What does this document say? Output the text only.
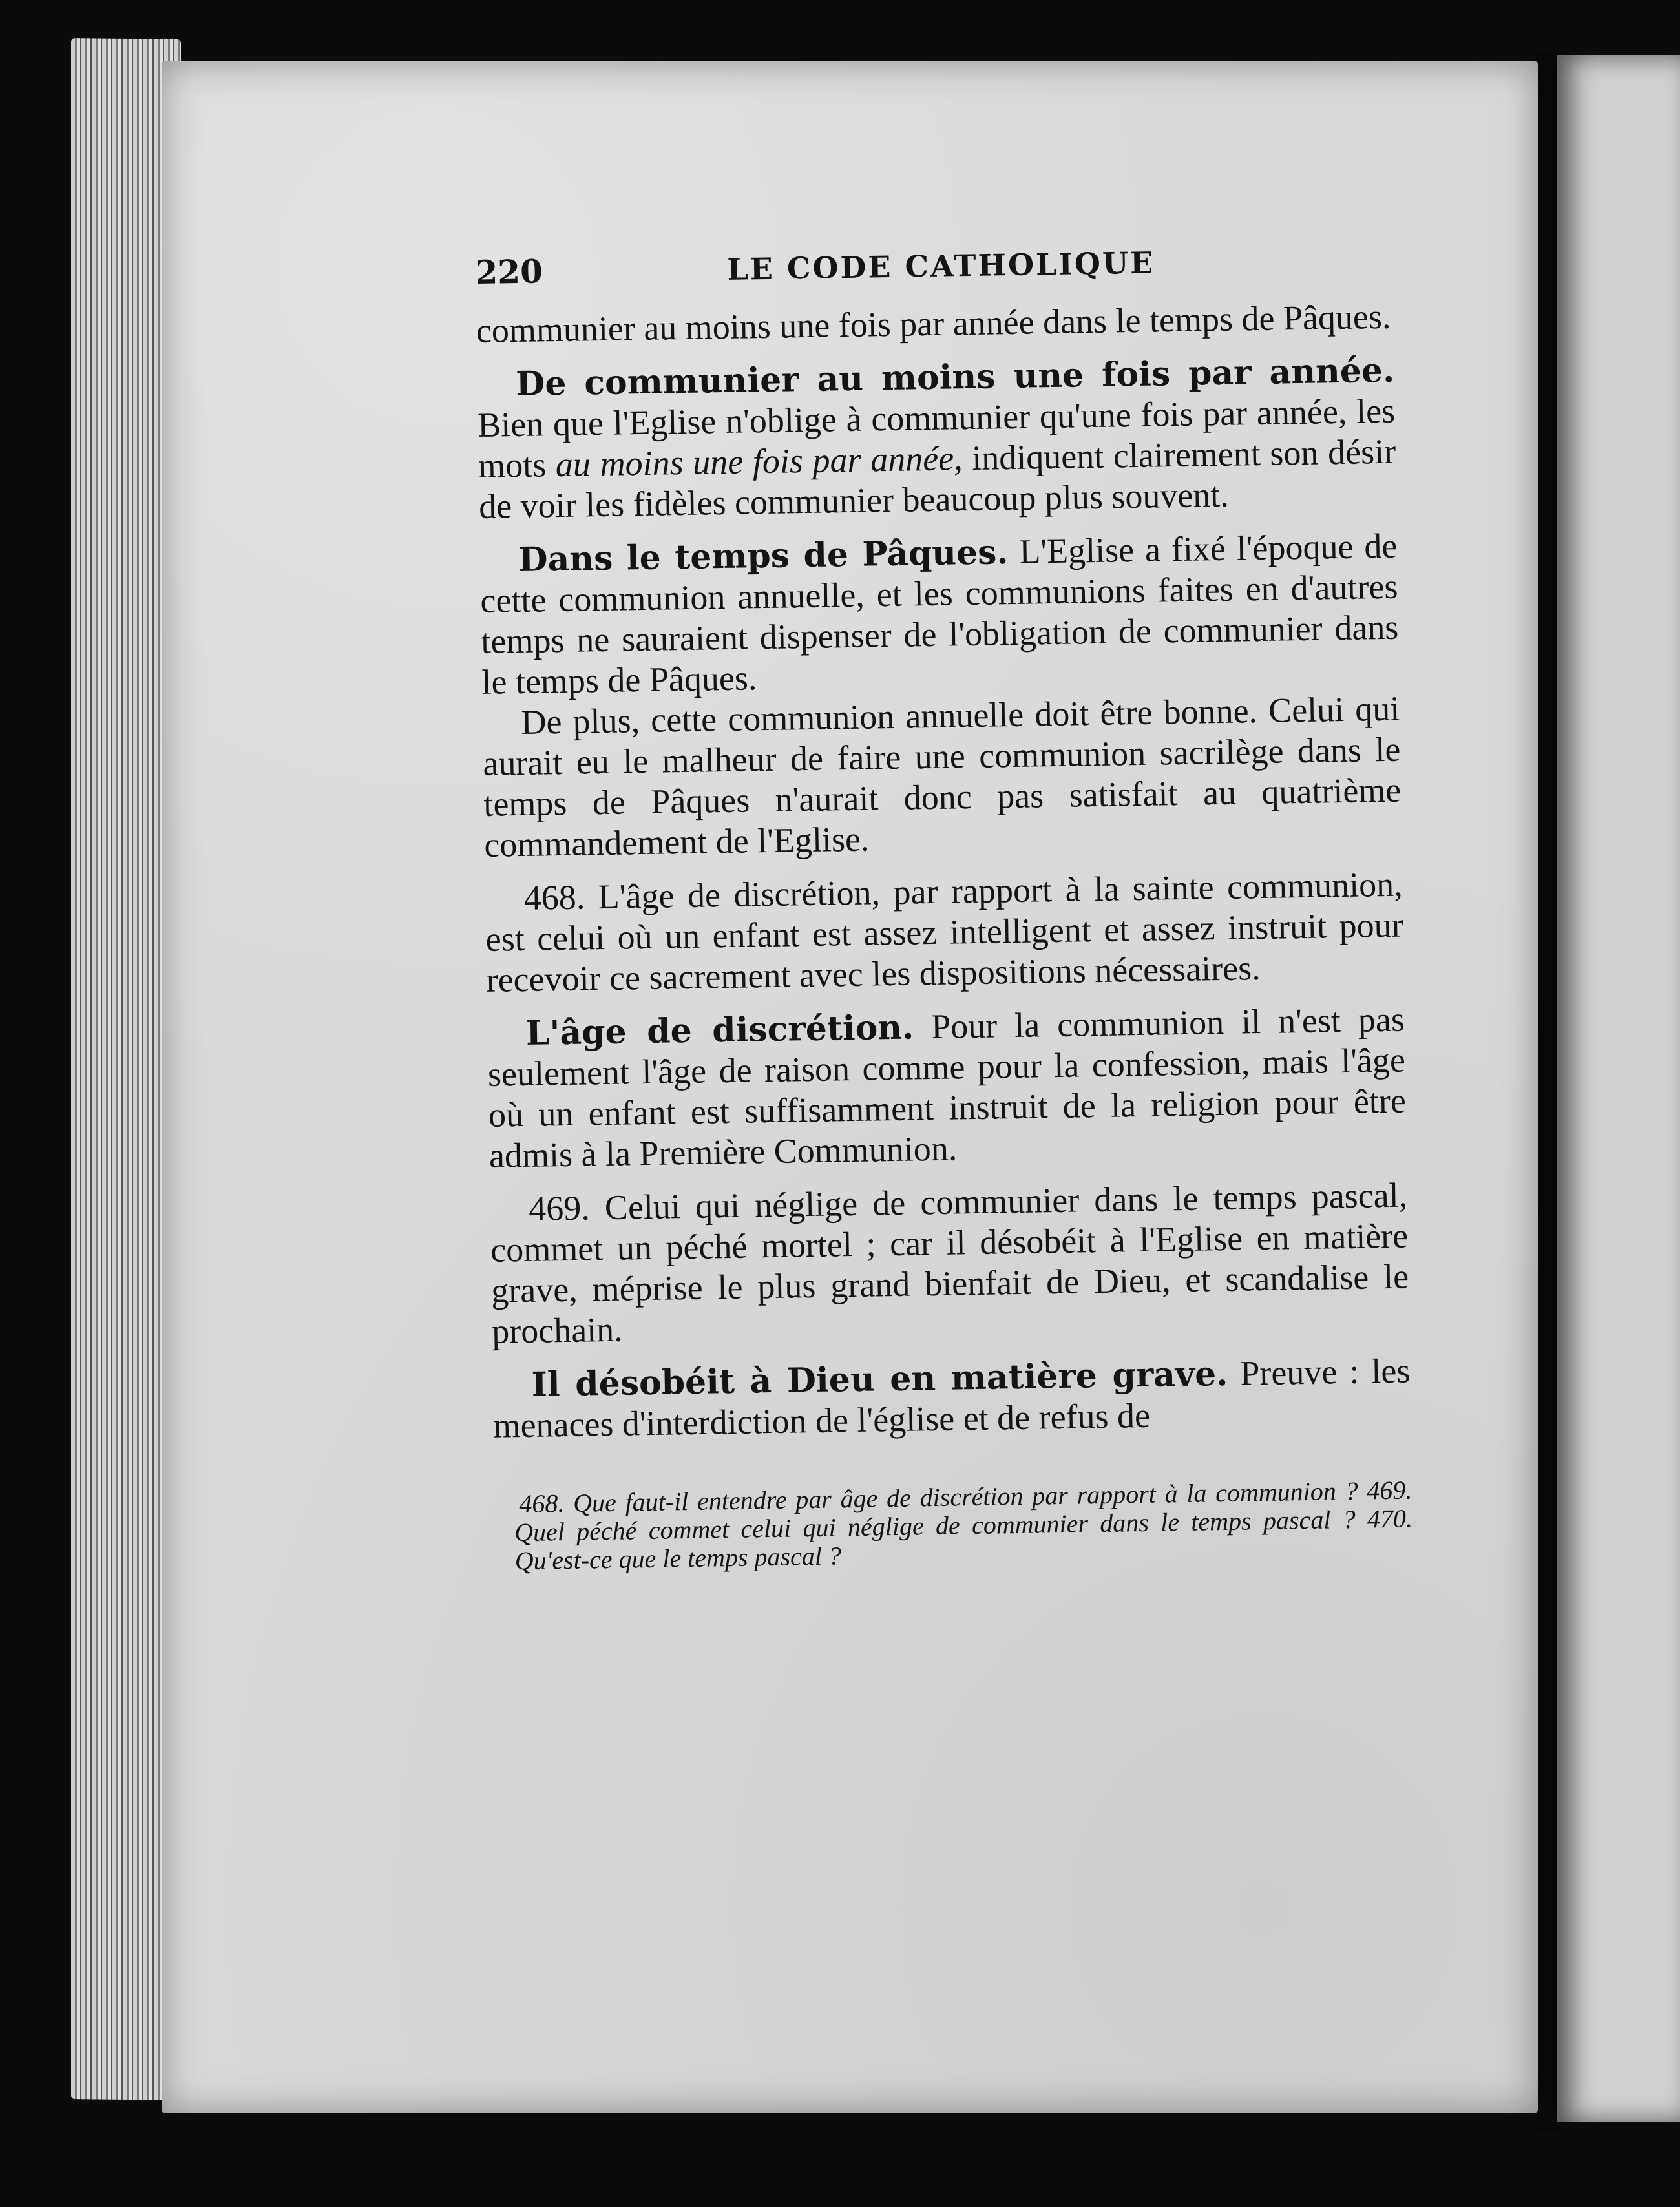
220	LE CODE CATHOLIQUE

communier au moins une fois par année dans le temps de Pâques.

De communier au moins une fois par année. Bien que l'Eglise n'oblige à communier qu'une fois par année, les mots au moins une fois par année, indiquent clairement son désir de voir les fidèles communier beaucoup plus souvent.

Dans le temps de Pâques. L'Eglise a fixé l'époque de cette communion annuelle, et les communions faites en d'autres temps ne sauraient dispenser de l'obligation de communier dans le temps de Pâques.

De plus, cette communion annuelle doit être bonne. Celui qui aurait eu le malheur de faire une communion sacrilège dans le temps de Pâques n'aurait donc pas satisfait au quatrième commandement de l'Eglise.

468. L'âge de discrétion, par rapport à la sainte communion, est celui où un enfant est assez intelligent et assez instruit pour recevoir ce sacrement avec les dispositions nécessaires.

L'âge de discrétion. Pour la communion il n'est pas seulement l'âge de raison comme pour la confession, mais l'âge où un enfant est suffisamment instruit de la religion pour être admis à la Première Communion.

469. Celui qui néglige de communier dans le temps pascal, commet un péché mortel ; car il désobéit à l'Eglise en matière grave, méprise le plus grand bienfait de Dieu, et scandalise le prochain.

Il désobéit à Dieu en matière grave. Preuve : les menaces d'interdiction de l'église et de refus de

468. Que faut-il entendre par âge de discrétion par rapport à la communion ? 469. Quel péché commet celui qui néglige de communier dans le temps pascal ? 470. Qu'est-ce que le temps pascal ?
